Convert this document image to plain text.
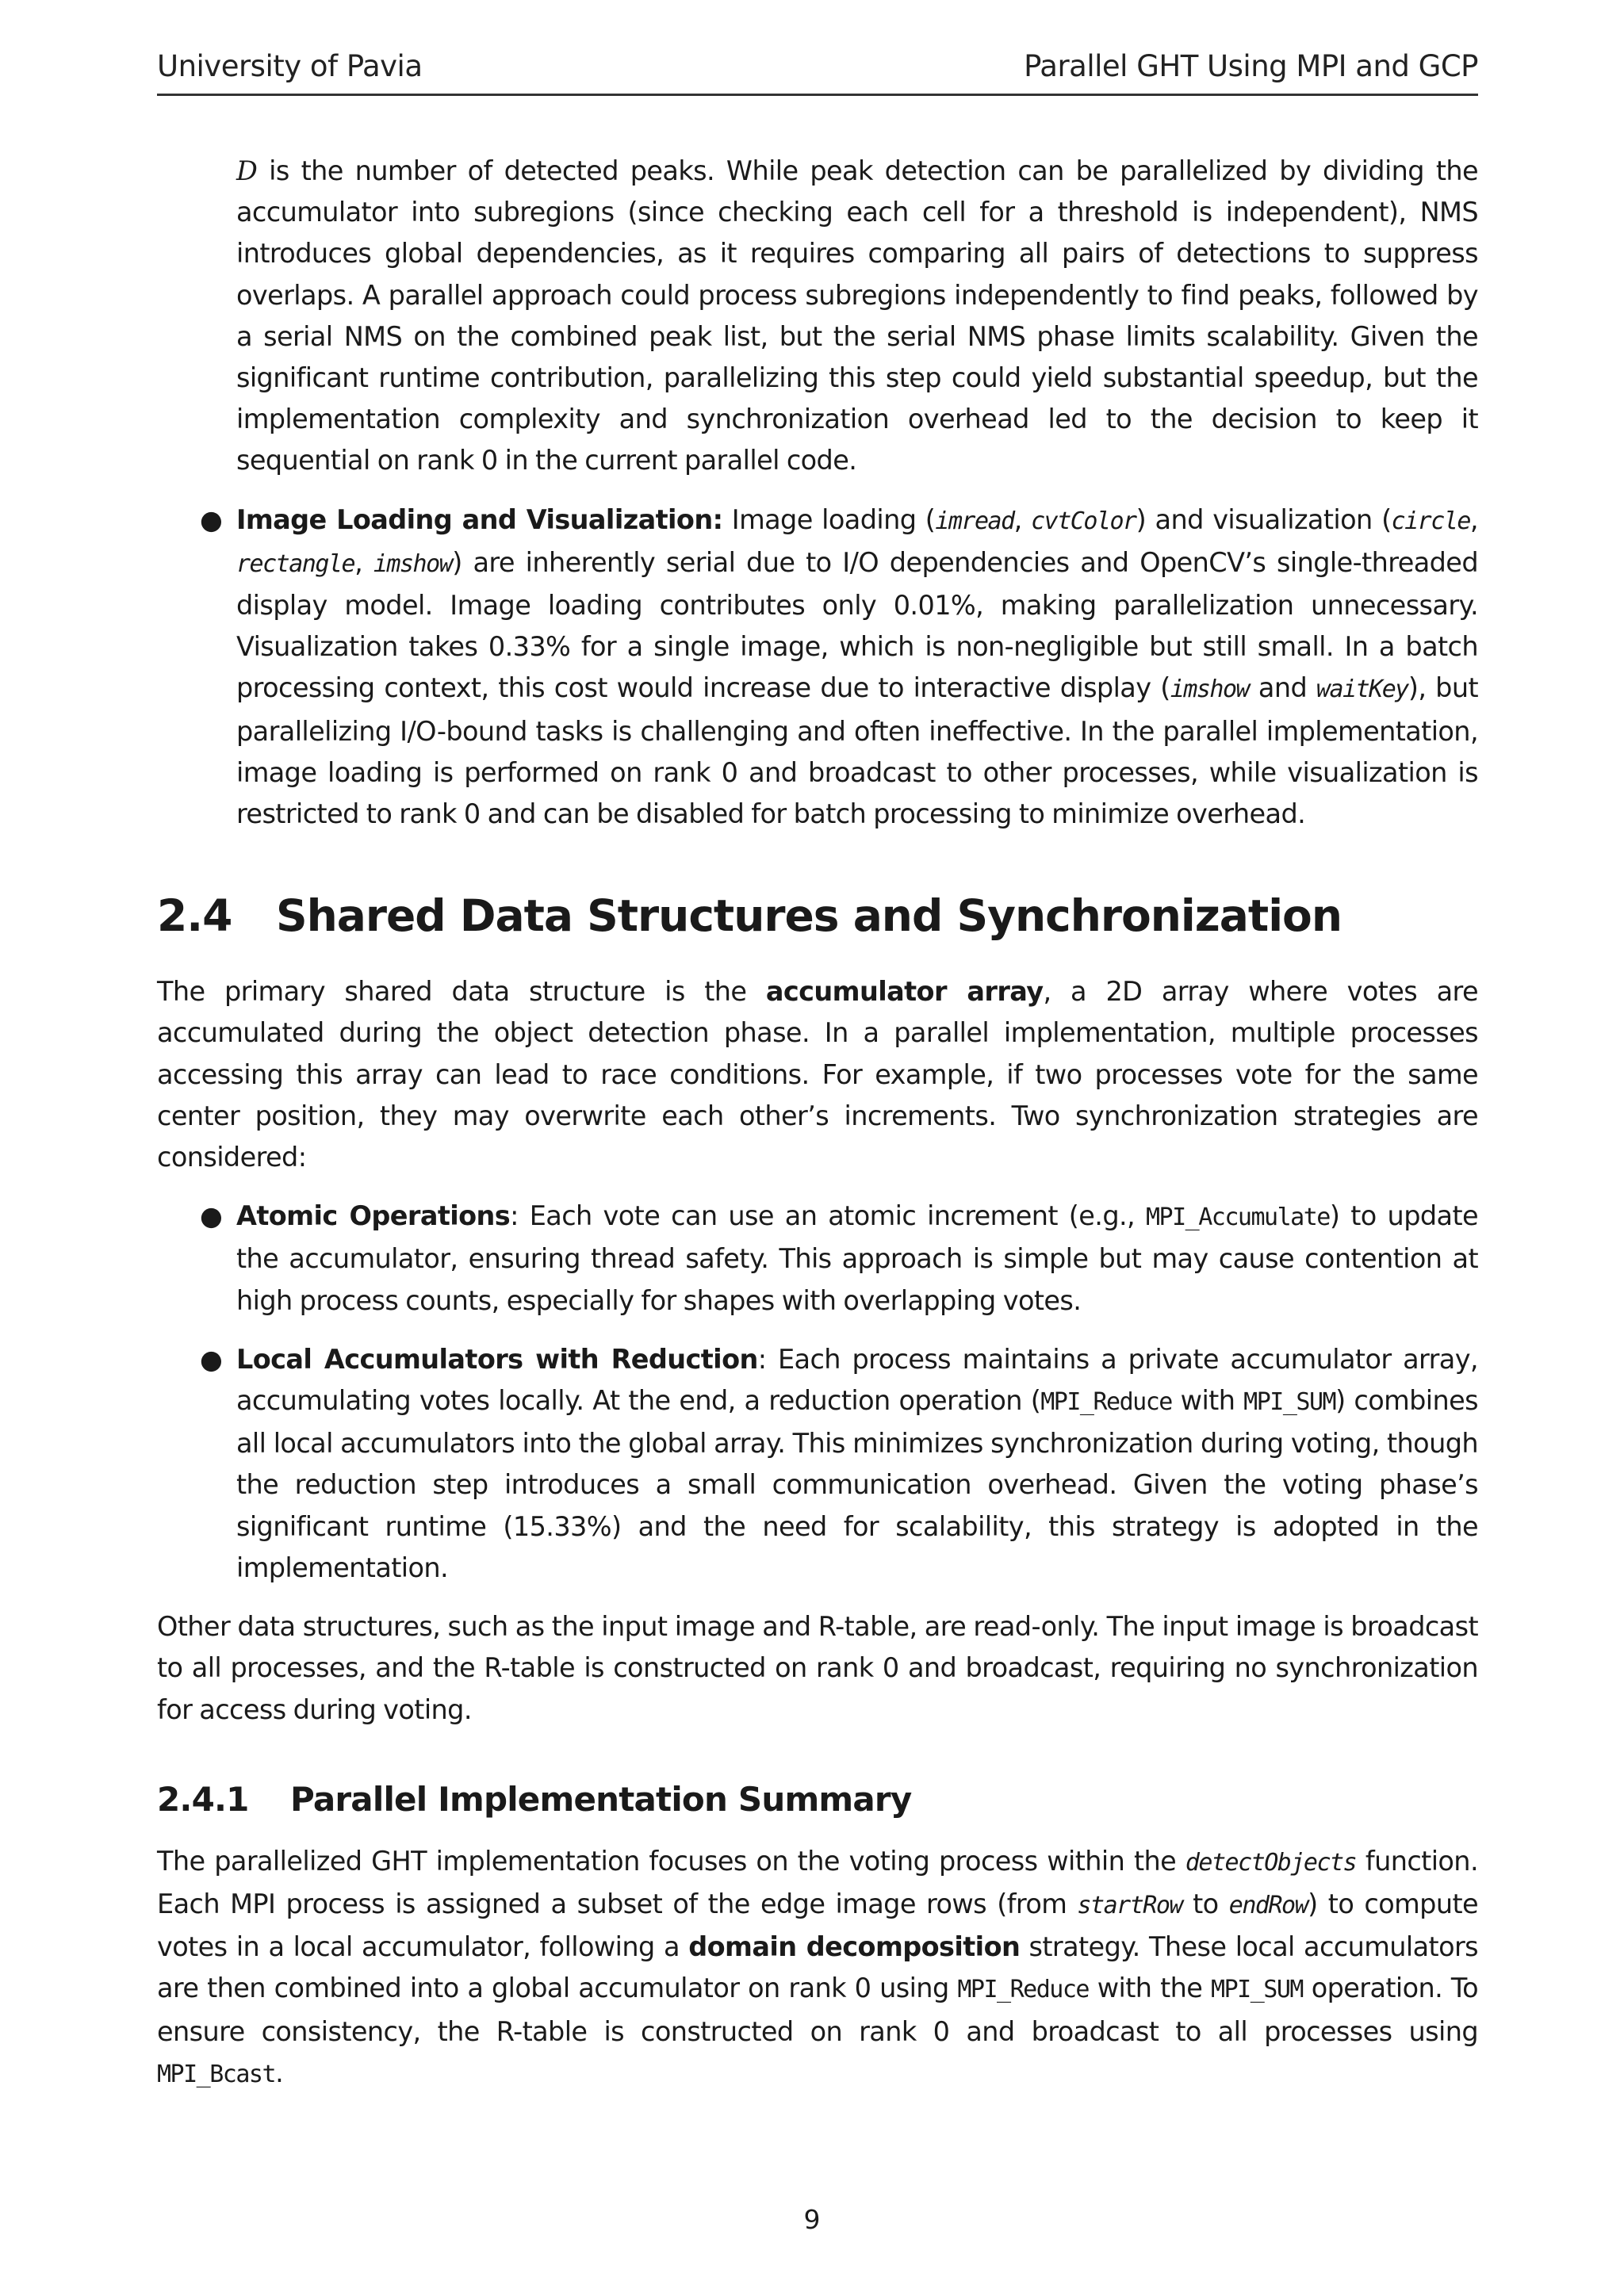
University of Pavia	Parallel GHT Using MPI and GCP

D is the number of detected peaks. While peak detection can be parallelized by dividing the accumulator into subregions (since checking each cell for a threshold is independent), NMS introduces global dependencies, as it requires comparing all pairs of detections to suppress overlaps. A parallel approach could process subregions independently to find peaks, followed by a serial NMS on the combined peak list, but the serial NMS phase limits scalability. Given the significant runtime contribution, parallelizing this step could yield substantial speedup, but the implementation complexity and synchronization overhead led to the decision to keep it sequential on rank 0 in the current parallel code.

● Image Loading and Visualization: Image loading (imread, cvtColor) and visualization (circle, rectangle, imshow) are inherently serial due to I/O dependencies and OpenCV’s single-threaded display model. Image loading contributes only 0.01%, making parallelization unnecessary. Visualization takes 0.33% for a single image, which is non-negligible but still small. In a batch processing context, this cost would increase due to interactive display (imshow and waitKey), but parallelizing I/O-bound tasks is challenging and often ineffective. In the parallel implementation, image loading is performed on rank 0 and broadcast to other processes, while visualization is restricted to rank 0 and can be disabled for batch processing to minimize overhead.
2.4 Shared Data Structures and Synchronization

The primary shared data structure is the accumulator array, a 2D array where votes are accumulated during the object detection phase. In a parallel implementation, multiple processes accessing this array can lead to race conditions. For example, if two processes vote for the same center position, they may overwrite each other’s increments. Two synchronization strategies are considered:

● Atomic Operations: Each vote can use an atomic increment (e.g., MPI_Accumulate) to update the accumulator, ensuring thread safety. This approach is simple but may cause contention at high process counts, especially for shapes with overlapping votes.
● Local Accumulators with Reduction: Each process maintains a private accumulator array, accumulating votes locally. At the end, a reduction operation (MPI_Reduce with MPI_SUM) combines all local accumulators into the global array. This minimizes synchronization during voting, though the reduction step introduces a small communication overhead. Given the voting phase’s significant runtime (15.33%) and the need for scalability, this strategy is adopted in the implementation.

Other data structures, such as the input image and R-table, are read-only. The input image is broadcast to all processes, and the R-table is constructed on rank 0 and broadcast, requiring no synchronization for access during voting.

2.4.1 Parallel Implementation Summary

The parallelized GHT implementation focuses on the voting process within the detectObjects function. Each MPI process is assigned a subset of the edge image rows (from startRow to endRow) to compute votes in a local accumulator, following a domain decomposition strategy. These local accumulators are then combined into a global accumulator on rank 0 using MPI_Reduce with the MPI_SUM operation. To ensure consistency, the R-table is constructed on rank 0 and broadcast to all processes using MPI_Bcast.

9
